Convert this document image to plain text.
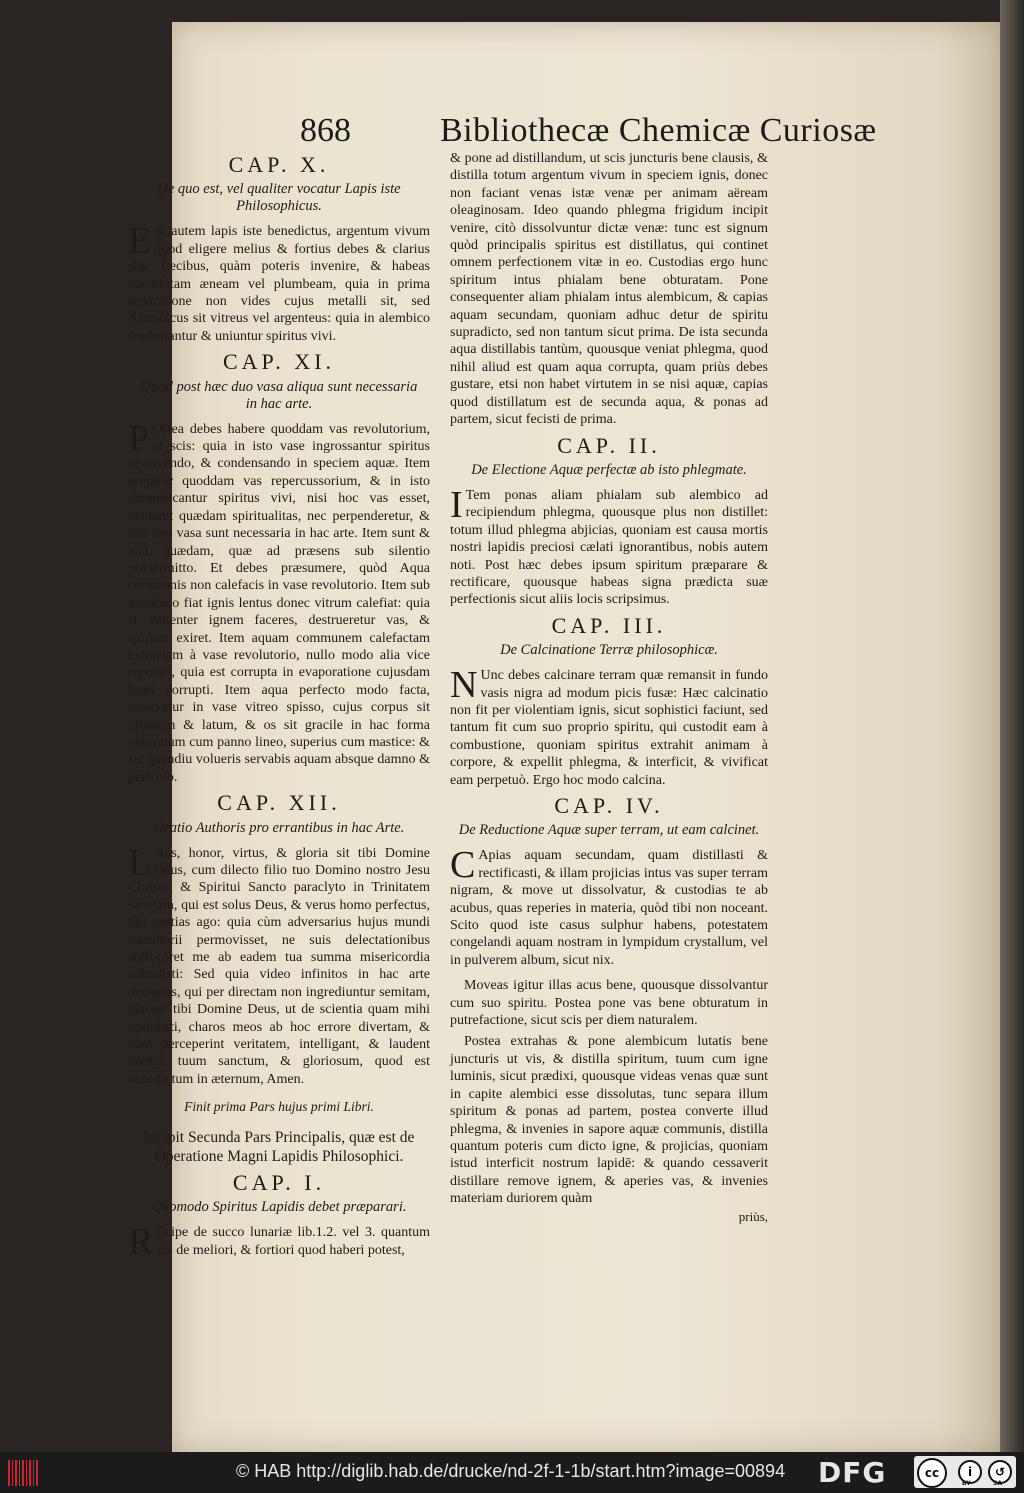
868	Bibliothecæ Chemicæ Curiosæ
CAP. X.
De quo est, vel qualiter vocatur Lapis iste Philosophicus.
ESt autem lapis iste benedictus, argentum vivum quod eligere melius & fortius debes & clarius sine fœcibus, quàm poteris invenire, & habeas cucurbitam æneam vel plumbeam, quia in prima separatione non vides cujus metalli sit, sed Alembicus sit vitreus vel argenteus: quia in alembico confortantur & uniuntur spiritus vivi.
CAP. XI.
Quod post hæc duo vasa aliqua sunt necessaria in hac arte.
POstea debes habere quoddam vas revolutorium, ut scis: quia in isto vase ingrossantur spiritus revolvendo, & condensando in speciem aquæ. Item sequitur quoddam vas repercussorium, & in isto domesticantur spiritus vivi, nisi hoc vas esset, evolaret quædam spiritualitas, nec perpenderetur, & ista duo vasa sunt necessaria in hac arte. Item sunt & alia quædam, quæ ad præsens sub silentio prætermitto. Et debes præsumere, quòd Aqua communis non calefacis in vase revolutorio. Item sub alembico fiat ignis lentus donec vitrum calefiat: quia si violenter ignem faceres, destrueretur vas, & spiritus exiret. Item aquam communem calefactam extractam à vase revolutorio, nullo modo alia vice reponas, quia est corrupta in evaporatione cujusdam fumi corrupti. Item aqua perfecto modo facta, reservetur in vase vitreo spisso, cujus corpus sit grossum & latum, & os sit gracile in hac forma obturatum cum panno lineo, superius cum mastice: & sic quandiu volueris servabis aquam absque damno & periculo.
CAP. XII.
Oratio Authoris pro errantibus in hac Arte.
LAus, honor, virtus, & gloria sit tibi Domine Deus, cum dilecto filio tuo Domino nostro Jesu Christo, & Spiritui Sancto paraclyto in Trinitatem sanctam, qui est solus Deus, & verus homo perfectus, tibi gratias ago: quia cùm adversarius hujus mundi transitorii permovisset, ne suis delectationibus suffocaret me ab eadem tua summa misericordia subtulisti: Sed quia video infinitos in hac arte deceptos, qui per directam non ingrediuntur semitam, placeat tibi Domine Deus, ut de scientia quam mihi tradidisti, charos meos ab hoc errore divertam, & cùm perceperint veritatem, intelligant, & laudent nomen tuum sanctum, & gloriosum, quod est benedictum in æternum, Amen.
Finit prima Pars hujus primi Libri.
Incipit Secunda Pars Principalis, quæ est de Operatione Magni Lapidis Philosophici.
CAP. I.
Quomodo Spiritus Lapidis debet præparari.
REcipe de succo lunariæ lib.1.2. vel 3. quantum vis de meliori, & fortiori quod haberi potest,
& pone ad distillandum, ut scis juncturis bene clausis, & distilla totum argentum vivum in speciem ignis, donec non faciant venas istæ venæ per animam aëream oleaginosam. Ideo quando phlegma frigidum incipit venire, citò dissolvuntur dictæ venæ: tunc est signum quòd principalis spiritus est distillatus, qui continet omnem perfectionem vitæ in eo. Custodias ergo hunc spiritum intus phialam bene obturatam. Pone consequenter aliam phialam intus alembicum, & capias aquam secundam, quoniam adhuc detur de spiritu supradicto, sed non tantum sicut prima. De ista secunda aqua distillabis tantùm, quousque veniat phlegma, quod nihil aliud est quam aqua corrupta, quam priùs debes gustare, etsi non habet virtutem in se nisi aquæ, capias quod distillatum est de secunda aqua, & ponas ad partem, sicut fecisti de prima.
CAP. II.
De Electione Aquæ perfectæ ab isto phlegmate.
ITem ponas aliam phialam sub alembico ad recipiendum phlegma, quousque plus non distillet: totum illud phlegma abjicias, quoniam est causa mortis nostri lapidis preciosi cælati ignorantibus, nobis autem noti. Post hæc debes ipsum spiritum præparare & rectificare, quousque habeas signa prædicta suæ perfectionis sicut aliis locis scripsimus.
CAP. III.
De Calcinatione Terræ philosophicæ.
NUnc debes calcinare terram quæ remansit in fundo vasis nigra ad modum picis fusæ: Hæc calcinatio non fit per violentiam ignis, sicut sophistici faciunt, sed tantum fit cum suo proprio spiritu, qui custodit eam à combustione, quoniam spiritus extrahit animam à corpore, & expellit phlegma, & interficit, & vivificat eam perpetuò. Ergo hoc modo calcina.
CAP. IV.
De Reductione Aquæ super terram, ut eam calcinet.
CApias aquam secundam, quam distillasti & rectificasti, & illam projicias intus vas super terram nigram, & move ut dissolvatur, & custodias te ab acubus, quas reperies in materia, quòd tibi non noceant. Scito quod iste casus sulphur habens, potestatem congelandi aquam nostram in lympidum crystallum, vel in pulverem album, sicut nix.
Moveas igitur illas acus bene, quousque dissolvantur cum suo spiritu. Postea pone vas bene obturatum in putrefactione, sicut scis per diem naturalem.
Postea extrahas & pone alembicum lutatis bene juncturis ut vis, & distilla spiritum, tuum cum igne luminis, sicut prædixi, quousque videas venas quæ sunt in capite alembici esse dissolutas, tunc separa illum spiritum & ponas ad partem, postea converte illud phlegma, & invenies in sapore aquæ communis, distilla quantum poteris cum dicto igne, & projicias, quoniam istud interficit nostrum lapidē: & quando cessaverit distillare remove ignem, & aperies vas, & invenies materiam duriorem quàm
priùs,
© HAB http://diglib.hab.de/drucke/nd-2f-1-1b/start.htm?image=00894 DFG	cc	i	↺
BY	SA
